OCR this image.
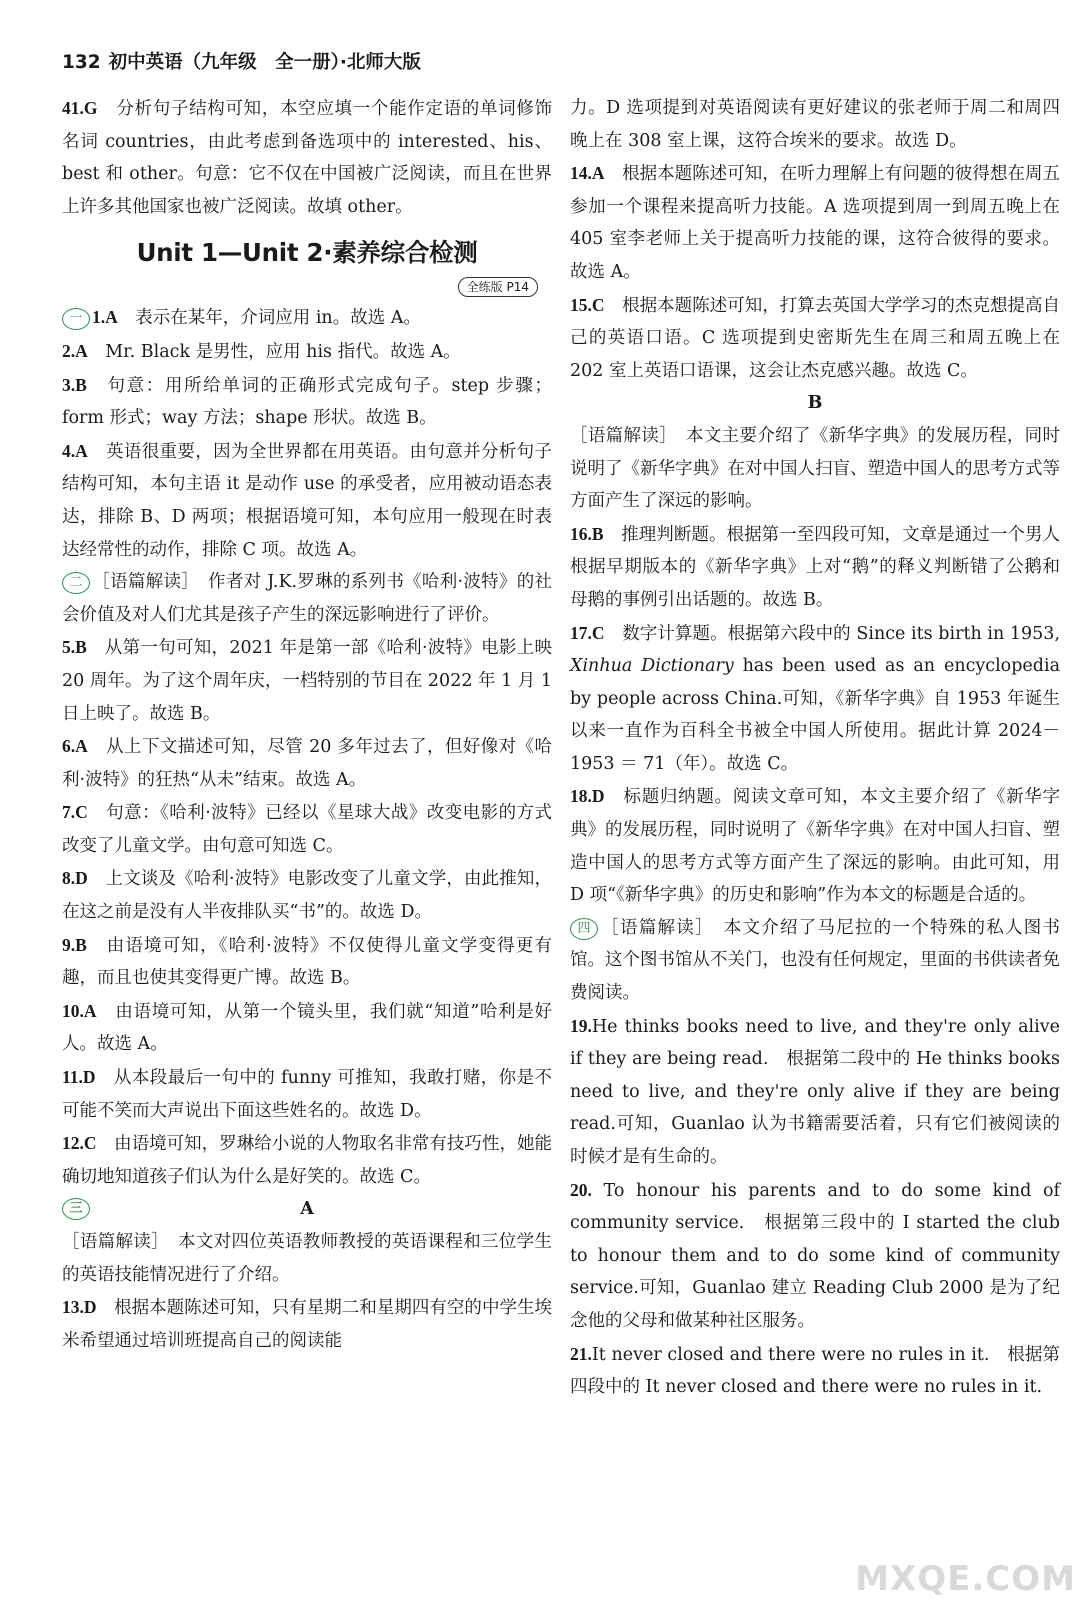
132 初中英语（九年级　全一册）·北师大版
41.G　 分析句子结构可知，本空应填一个能作定语的单词修饰名词 countries，由此考虑到备选项中的 interested、his、best 和 other。句意：它不仅在中国被广泛阅读，而且在世界上许多其他国家也被广泛阅读。故填 other。
Unit 1—Unit 2·素养综合检测
全练版 P14
一 1.A　 表示在某年，介词应用 in。故选 A。
2.A　 Mr. Black 是男性，应用 his 指代。故选 A。
3.B　 句意：用所给单词的正确形式完成句子。step 步骤；form 形式；way 方法；shape 形状。故选 B。
4.A　 英语很重要，因为全世界都在用英语。由句意并分析句子结构可知，本句主语 it 是动作 use 的承受者，应用被动语态表达，排除 B、D 两项；根据语境可知，本句应用一般现在时表达经常性的动作，排除 C 项。故选 A。
二 ［语篇解读］　作者对 J.K.罗琳的系列书《哈利·波特》的社会价值及对人们尤其是孩子产生的深远影响进行了评价。
5.B　 从第一句可知，2021 年是第一部《哈利·波特》电影上映 20 周年。为了这个周年庆，一档特别的节目在 2022 年 1 月 1 日上映了。故选 B。
6.A　 从上下文描述可知，尽管 20 多年过去了，但好像对《哈利·波特》的狂热“从未”结束。故选 A。
7.C　 句意：《哈利·波特》已经以《星球大战》改变电影的方式改变了儿童文学。由句意可知选 C。
8.D　 上文谈及《哈利·波特》电影改变了儿童文学，由此推知，在这之前是没有人半夜排队买“书”的。故选 D。
9.B　 由语境可知，《哈利·波特》不仅使得儿童文学变得更有趣，而且也使其变得更广博。故选 B。
10.A　 由语境可知，从第一个镜头里，我们就“知道”哈利是好人。故选 A。
11.D　 从本段最后一句中的 funny 可推知，我敢打赌，你是不可能不笑而大声说出下面这些姓名的。故选 D。
12.C　 由语境可知，罗琳给小说的人物取名非常有技巧性，她能确切地知道孩子们认为什么是好笑的。故选 C。
三	A
［语篇解读］　本文对四位英语教师教授的英语课程和三位学生的英语技能情况进行了介绍。
13.D　 根据本题陈述可知，只有星期二和星期四有空的中学生埃米希望通过培训班提高自己的阅读能
力。D 选项提到对英语阅读有更好建议的张老师于周二和周四晚上在 308 室上课，这符合埃米的要求。故选 D。
14.A　 根据本题陈述可知，在听力理解上有问题的彼得想在周五参加一个课程来提高听力技能。A 选项提到周一到周五晚上在 405 室李老师上关于提高听力技能的课，这符合彼得的要求。故选 A。
15.C　 根据本题陈述可知，打算去英国大学学习的杰克想提高自己的英语口语。C 选项提到史密斯先生在周三和周五晚上在 202 室上英语口语课，这会让杰克感兴趣。故选 C。
B
［语篇解读］　本文主要介绍了《新华字典》的发展历程，同时说明了《新华字典》在对中国人扫盲、塑造中国人的思考方式等方面产生了深远的影响。
16.B　 推理判断题。根据第一至四段可知，文章是通过一个男人根据早期版本的《新华字典》上对“鹅”的释义判断错了公鹅和母鹅的事例引出话题的。故选 B。
17.C　 数字计算题。根据第六段中的 Since its birth in 1953, Xinhua Dictionary has been used as an encyclopedia by people across China.可知，《新华字典》自 1953 年诞生以来一直作为百科全书被全中国人所使用。据此计算 2024－1953 ＝ 71（年）。故选 C。
18.D　 标题归纳题。阅读文章可知，本文主要介绍了《新华字典》的发展历程，同时说明了《新华字典》在对中国人扫盲、塑造中国人的思考方式等方面产生了深远的影响。由此可知，用 D 项“《新华字典》的历史和影响”作为本文的标题是合适的。
四 ［语篇解读］　本文介绍了马尼拉的一个特殊的私人图书馆。这个图书馆从不关门，也没有任何规定，里面的书供读者免费阅读。
19.He thinks books need to live, and they're only alive if they are being read.　根据第二段中的 He thinks books need to live, and they're only alive if they are being read.可知，Guanlao 认为书籍需要活着，只有它们被阅读的时候才是有生命的。
20. To honour his parents and to do some kind of community service.　根据第三段中的 I started the club to honour them and to do some kind of community service.可知，Guanlao 建立 Reading Club 2000 是为了纪念他的父母和做某种社区服务。
21.It never closed and there were no rules in it.　根据第四段中的 It never closed and there were no rules in it.
MXQE.COM
